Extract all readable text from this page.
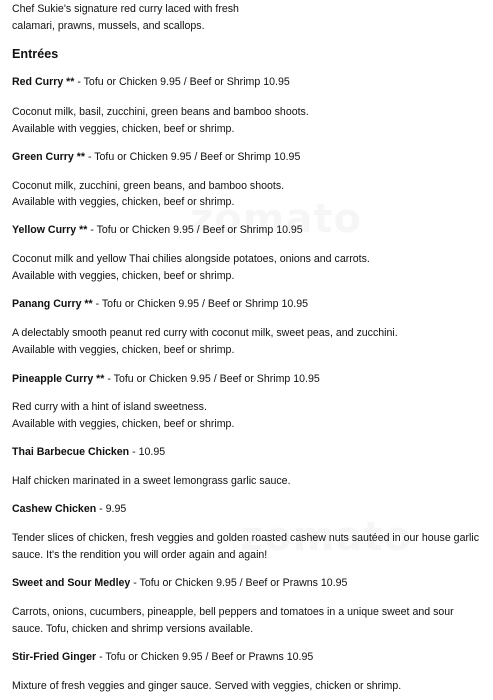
Chef Sukie's signature red curry laced with fresh

calamari, prawns, mussels, and scallops.

Entrées

Red Curry ** - Tofu or Chicken 9.95 / Beef or Shrimp 10.95

Coconut milk, basil, zucchini, green beans and bamboo shoots.

Available with veggies, chicken, beef or shrimp.

Green Curry ** - Tofu or Chicken 9.95 / Beef or Shrimp 10.95

Coconut milk, zucchini, green beans, and bamboo shoots.

Available with veggies, chicken, beef or shrimp.

Yellow Curry ** - Tofu or Chicken 9.95 / Beef or Shrimp 10.95

Coconut milk and yellow Thai chilies alongside potatoes, onions and carrots.

Available with veggies, chicken, beef or shrimp.

Panang Curry ** - Tofu or Chicken 9.95 / Beef or Shrimp 10.95

A delectably smooth peanut red curry with coconut milk, sweet peas, and zucchini.

Available with veggies, chicken, beef or shrimp.

Pineapple Curry ** - Tofu or Chicken 9.95 / Beef or Shrimp 10.95

Red curry with a hint of island sweetness.

Available with veggies, chicken, beef or shrimp.

Thai Barbecue Chicken - 10.95

Half chicken marinated in a sweet lemongrass garlic sauce.

Cashew Chicken - 9.95

Tender slices of chicken, fresh veggies and golden roasted cashew nuts sautéed in our house garlic

sauce. It's the rendition you will order again and again!

Sweet and Sour Medley - Tofu or Chicken 9.95 / Beef or Prawns 10.95

Carrots, onions, cucumbers, pineapple, bell peppers and tomatoes in a unique sweet and sour

sauce. Tofu, chicken and shrimp versions available.

Stir-Fried Ginger - Tofu or Chicken 9.95 / Beef or Prawns 10.95

Mixture of fresh veggies and ginger sauce. Served with veggies, chicken or shrimp.
